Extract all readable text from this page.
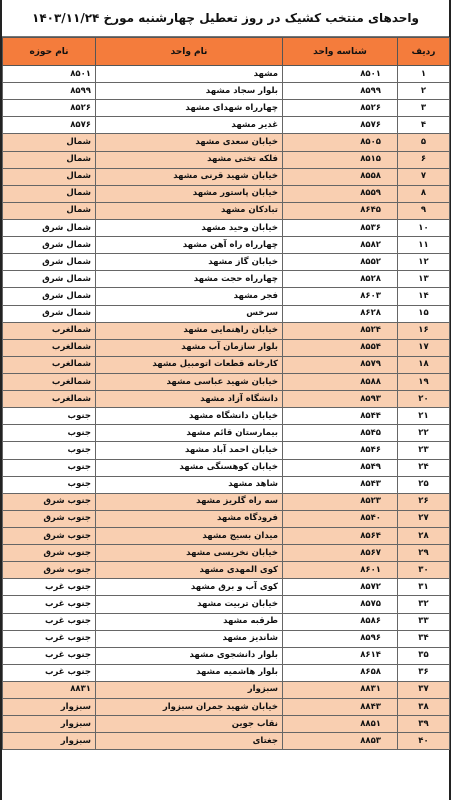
واحدهای منتخب کشیک در روز تعطیل چهارشنبه مورخ ۱۴۰۳/۱۱/۲۴
ردیف	شناسه واحد	نام واحد	نام حوزه
۱	۸۵۰۱	مشهد	۸۵۰۱
۲	۸۵۹۹	بلوار سجاد مشهد	۸۵۹۹
۳	۸۵۲۶	چهارراه شهدای مشهد	۸۵۲۶
۴	۸۵۷۶	غدیر مشهد	۸۵۷۶
۵	۸۵۰۵	خیابان سعدی مشهد	شمال
۶	۸۵۱۵	فلکه تختی مشهد	شمال
۷	۸۵۵۸	خیابان شهید قرنی مشهد	شمال
۸	۸۵۵۹	خیابان پاستور مشهد	شمال
۹	۸۶۴۵	تبادکان مشهد	شمال
۱۰	۸۵۳۶	خیابان وحید مشهد	شمال شرق
۱۱	۸۵۸۲	چهارراه راه آهن مشهد	شمال شرق
۱۲	۸۵۵۲	خیابان گاز مشهد	شمال شرق
۱۳	۸۵۲۸	چهارراه حجت مشهد	شمال شرق
۱۴	۸۶۰۳	فجر مشهد	شمال شرق
۱۵	۸۶۲۸	سرخس	شمال شرق
۱۶	۸۵۲۴	خیابان راهنمایی مشهد	شمالغرب
۱۷	۸۵۵۴	بلوار سازمان آب مشهد	شمالغرب
۱۸	۸۵۷۹	کارخانه قطعات اتومبیل مشهد	شمالغرب
۱۹	۸۵۸۸	خیابان شهید عباسی مشهد	شمالغرب
۲۰	۸۵۹۳	دانشگاه آزاد مشهد	شمالغرب
۲۱	۸۵۴۴	خیابان دانشگاه مشهد	جنوب
۲۲	۸۵۴۵	بیمارستان قائم مشهد	جنوب
۲۳	۸۵۴۶	خیابان احمد آباد مشهد	جنوب
۲۴	۸۵۴۹	خیابان کوهسنگی مشهد	جنوب
۲۵	۸۵۴۳	شاهد مشهد	جنوب
۲۶	۸۵۲۳	سه راه گلریز مشهد	جنوب شرق
۲۷	۸۵۴۰	فرودگاه مشهد	جنوب شرق
۲۸	۸۵۶۴	میدان بسیج مشهد	جنوب شرق
۲۹	۸۵۶۷	خیابان نخریسی مشهد	جنوب شرق
۳۰	۸۶۰۱	کوی المهدی مشهد	جنوب شرق
۳۱	۸۵۷۲	کوی آب و برق مشهد	جنوب غرب
۳۲	۸۵۷۵	خیابان تربیت مشهد	جنوب غرب
۳۳	۸۵۸۶	طرقبه مشهد	جنوب غرب
۳۴	۸۵۹۶	شاندیز مشهد	جنوب غرب
۳۵	۸۶۱۴	بلوار دانشجوی مشهد	جنوب غرب
۳۶	۸۶۵۸	بلوار هاشمیه مشهد	جنوب غرب
۳۷	۸۸۳۱	سبزوار	۸۸۳۱
۳۸	۸۸۴۳	خیابان شهید جمران سبزوار	سبزوار
۳۹	۸۸۵۱	نقاب جوین	سبزوار
۴۰	۸۸۵۳	جغتای	سبزوار
